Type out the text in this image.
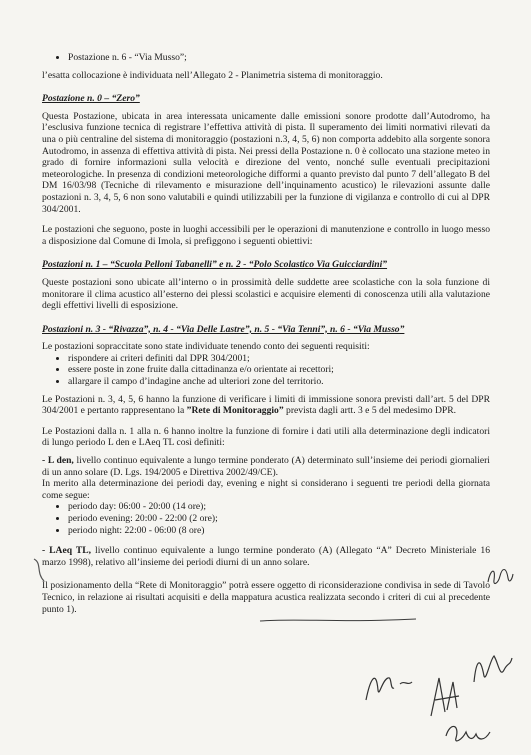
• Postazione n. 6 - “Via Musso”;

l’esatta collocazione è individuata nell’Allegato 2 - Planimetria sistema di monitoraggio.

Postazione n. 0 – “Zero”

Questa Postazione, ubicata in area interessata unicamente dalle emissioni sonore prodotte dall’Autodromo, ha l’esclusiva funzione tecnica di registrare l’effettiva attività di pista. Il superamento dei limiti normativi rilevati da una o più centraline del sistema di monitoraggio (postazioni n.3, 4, 5, 6) non comporta addebito alla sorgente sonora Autodromo, in assenza di effettiva attività di pista. Nei pressi della Postazione n. 0 è collocato una stazione meteo in grado di fornire informazioni sulla velocità e direzione del vento, nonché sulle eventuali precipitazioni meteorologiche. In presenza di condizioni meteorologiche difformi a quanto previsto dal punto 7 dell’allegato B del DM 16/03/98 (Tecniche di rilevamento e misurazione dell’inquinamento acustico) le rilevazioni assunte dalle postazioni n. 3, 4, 5, 6 non sono valutabili e quindi utilizzabili per la funzione di vigilanza e controllo di cui al DPR 304/2001.

Le postazioni che seguono, poste in luoghi accessibili per le operazioni di manutenzione e controllo in luogo messo a disposizione dal Comune di Imola, si prefiggono i seguenti obiettivi:

Postazioni n. 1 – “Scuola Pelloni Tabanelli” e n. 2 - “Polo Scolastico Via Guicciardini”

Queste postazioni sono ubicate all’interno o in prossimità delle suddette aree scolastiche con la sola funzione di monitorare il clima acustico all’esterno dei plessi scolastici e acquisire elementi di conoscenza utili alla valutazione degli effettivi livelli di esposizione.

Postazioni n. 3 - “Rivazza”, n. 4 - “Via Delle Lastre”, n. 5 - “Via Tenni”, n. 6 - “Via Musso”

Le postazioni sopraccitate sono state individuate tenendo conto dei seguenti requisiti:

• rispondere ai criteri definiti dal DPR 304/2001;
• essere poste in zone fruite dalla cittadinanza e/o orientate ai recettori;
• allargare il campo d’indagine anche ad ulteriori zone del territorio.

Le Postazioni n. 3, 4, 5, 6 hanno la funzione di verificare i limiti di immissione sonora previsti dall’art. 5 del DPR 304/2001 e pertanto rappresentano la ”Rete di Monitoraggio” prevista dagli artt. 3 e 5 del medesimo DPR.

Le Postazioni dalla n. 1 alla n. 6 hanno inoltre la funzione di fornire i dati utili alla determinazione degli indicatori di lungo periodo L den e LAeq TL così definiti:

- L den, livello continuo equivalente a lungo termine ponderato (A) determinato sull’insieme dei periodi giornalieri di un anno solare (D. Lgs. 194/2005 e Direttiva 2002/49/CE).

In merito alla determinazione dei periodi day, evening e night si considerano i seguenti tre periodi della giornata come segue:

• periodo day: 06:00 - 20:00 (14 ore);
• periodo evening: 20:00 - 22:00 (2 ore);
• periodo night: 22:00 - 06:00 (8 ore)

- LAeq TL, livello continuo equivalente a lungo termine ponderato (A) (Allegato “A” Decreto Ministeriale 16 marzo 1998), relativo all’insieme dei periodi diurni di un anno solare.

Il posizionamento della “Rete di Monitoraggio” potrà essere oggetto di riconsiderazione condivisa in sede di Tavolo Tecnico, in relazione ai risultati acquisiti e della mappatura acustica realizzata secondo i criteri di cui al precedente punto 1).
